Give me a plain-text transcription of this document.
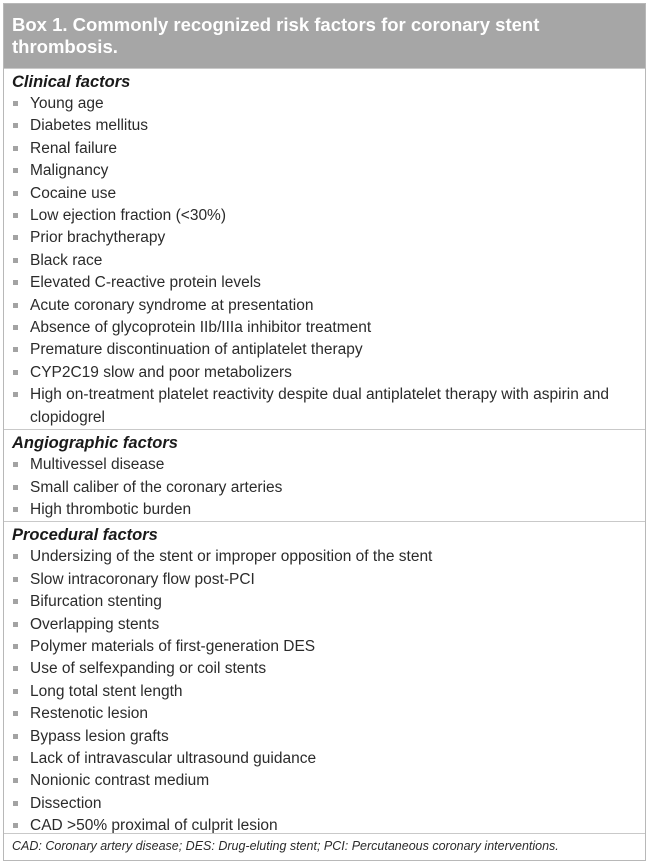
Box 1. Commonly recognized risk factors for coronary stent thrombosis.
Clinical factors
Young age
Diabetes mellitus
Renal failure
Malignancy
Cocaine use
Low ejection fraction (<30%)
Prior brachytherapy
Black race
Elevated C-reactive protein levels
Acute coronary syndrome at presentation
Absence of glycoprotein IIb/IIIa inhibitor treatment
Premature discontinuation of antiplatelet therapy
CYP2C19 slow and poor metabolizers
High on-treatment platelet reactivity despite dual antiplatelet therapy with aspirin and clopidogrel
Angiographic factors
Multivessel disease
Small caliber of the coronary arteries
High thrombotic burden
Procedural factors
Undersizing of the stent or improper opposition of the stent
Slow intracoronary flow post-PCI
Bifurcation stenting
Overlapping stents
Polymer materials of first-generation DES
Use of selfexpanding or coil stents
Long total stent length
Restenotic lesion
Bypass lesion grafts
Lack of intravascular ultrasound guidance
Nonionic contrast medium
Dissection
CAD >50% proximal of culprit lesion
CAD: Coronary artery disease; DES: Drug-eluting stent; PCI: Percutaneous coronary interventions.
